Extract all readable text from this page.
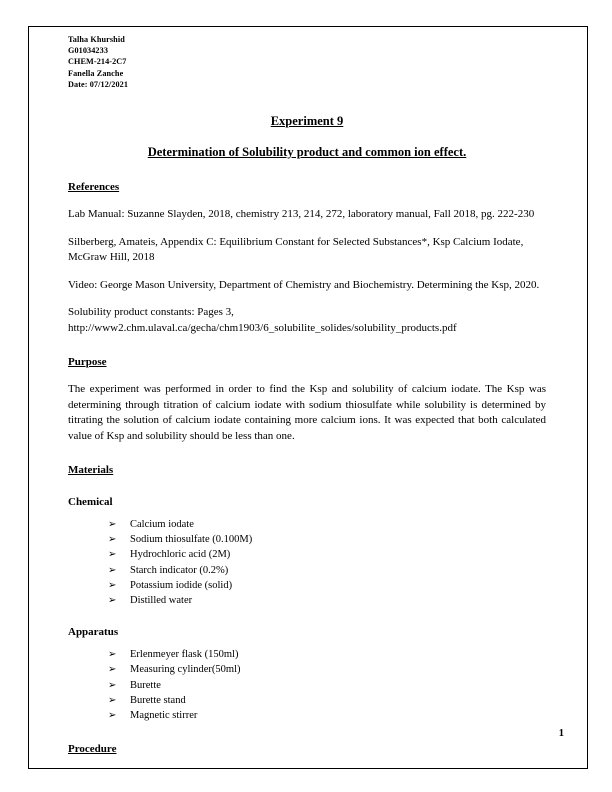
Talha Khurshid
G01034233
CHEM-214-2C7
Fanella Zanche
Date: 07/12/2021
Experiment 9
Determination of Solubility product and common ion effect.
References

Lab Manual: Suzanne Slayden, 2018, chemistry 213, 214, 272, laboratory manual, Fall 2018, pg. 222-230

Silberberg, Amateis, Appendix C: Equilibrium Constant for Selected Substances*, Ksp Calcium Iodate, McGraw Hill, 2018

Video: George Mason University, Department of Chemistry and Biochemistry. Determining the Ksp, 2020.

Solubility product constants: Pages 3,
http://www2.chm.ulaval.ca/gecha/chm1903/6_solubilite_solides/solubility_products.pdf

Purpose

The experiment was performed in order to find the Ksp and solubility of calcium iodate. The Ksp was determining through titration of calcium iodate with sodium thiosulfate while solubility is determined by titrating the solution of calcium iodate containing more calcium ions. It was expected that both calculated value of Ksp and solubility should be less than one.

Materials
Chemical
➢ Calcium iodate
➢ Sodium thiosulfate (0.100M)
➢ Hydrochloric acid (2M)
➢ Starch indicator (0.2%)
➢ Potassium iodide (solid)
➢ Distilled water
Apparatus
➢ Erlenmeyer flask (150ml)
➢ Measuring cylinder(50ml)
➢ Burette
➢ Burette stand
➢ Magnetic stirrer
Procedure
1
